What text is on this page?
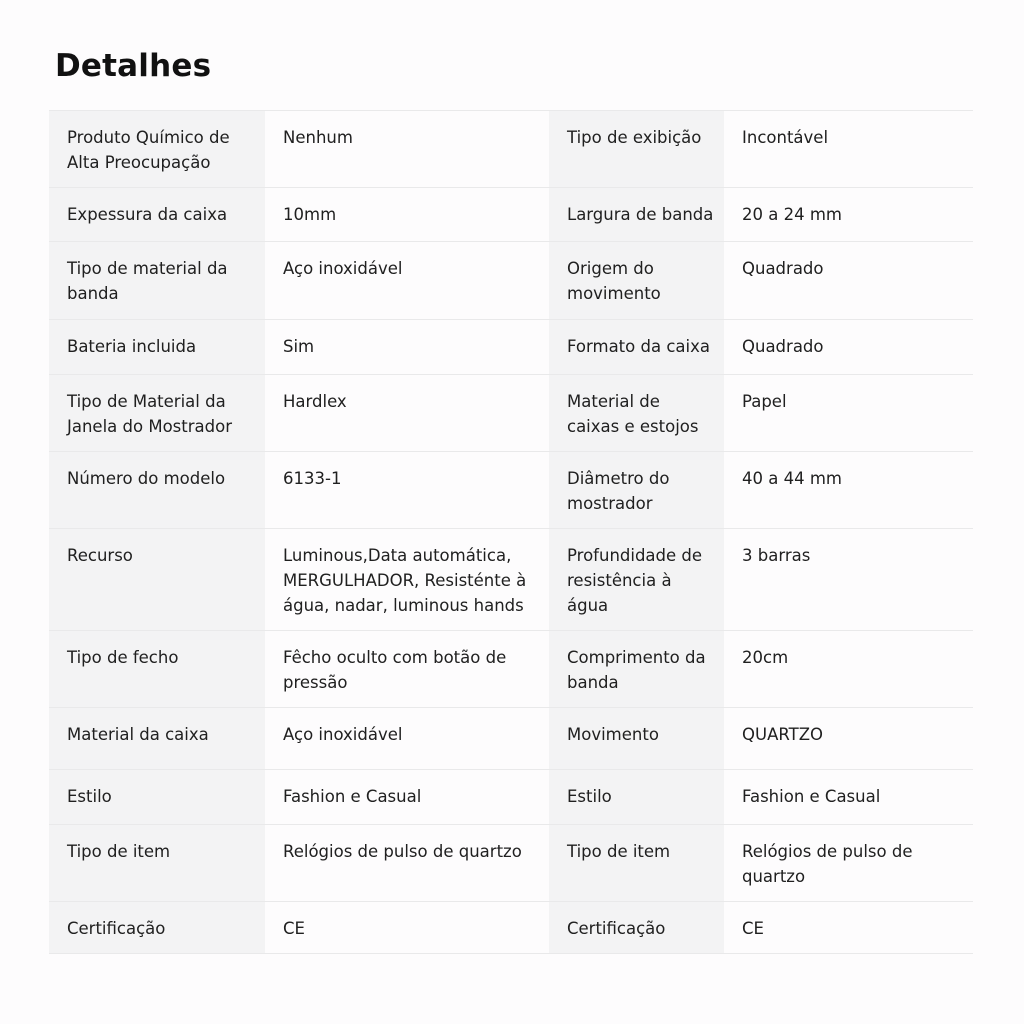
Detalhes
Produto Químico de Alta Preocupação	Nenhum	Tipo de exibição	Incontável
Expessura da caixa	10mm	Largura de banda	20 a 24 mm
Tipo de material da banda	Aço inoxidável	Origem do movimento	Quadrado
Bateria incluida	Sim	Formato da caixa	Quadrado
Tipo de Material da Janela do Mostrador	Hardlex	Material de caixas e estojos	Papel
Número do modelo	6133-1	Diâmetro do mostrador	40 a 44 mm
Recurso	Luminous,Data automática, MERGULHADOR, Resisténte à água, nadar, luminous hands	Profundidade de resistência à água	3 barras
Tipo de fecho	Fêcho oculto com botão de pressão	Comprimento da banda	20cm
Material da caixa	Aço inoxidável	Movimento	QUARTZO
Estilo	Fashion e Casual	Estilo	Fashion e Casual
Tipo de item	Relógios de pulso de quartzo	Tipo de item	Relógios de pulso de quartzo
Certificação	CE	Certificação	CE
